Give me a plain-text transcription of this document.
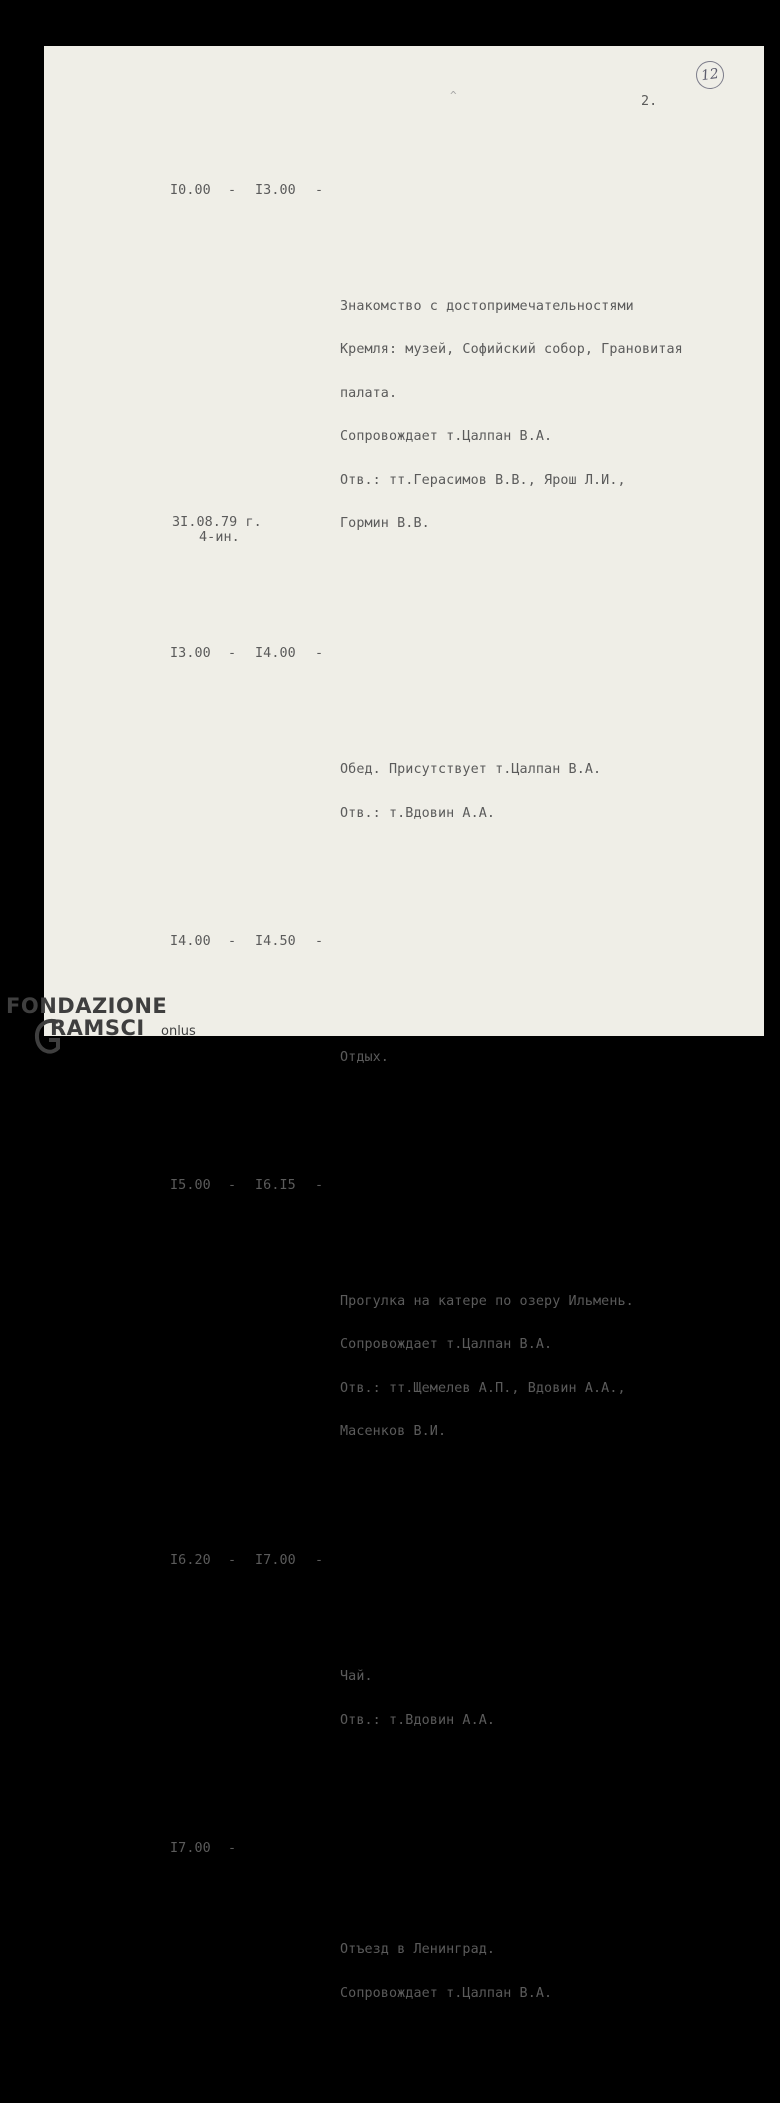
^
12
2.

I0.00

-

I3.00

-

Знакомство с достопримечательностями

Кремля: музей, Софийский собор, Грановитая

палата.

Сопровождает т.Цалпан В.А.

Отв.: тт.Герасимов В.В., Ярош Л.И.,

Гормин В.В.

I3.00

-

I4.00

-

Обед. Присутствует т.Цалпан В.А.

Отв.: т.Вдовин А.А.

I4.00

-

I4.50

-

Отдых.

I5.00

-

I6.I5

-

Прогулка на катере по озеру Ильмень.

Сопровождает т.Цалпан В.А.

Отв.: тт.Щемелев А.П., Вдовин А.А.,

Масенков В.И.

I6.20

-

I7.00

-

Чай.

Отв.: т.Вдовин А.А.

I7.00

-

Отъезд в Ленинград.

Сопровождает т.Цалпан В.А.

3I.08.79 г.
4-ин.
FONDAZIONE
RAMSCI onlus
